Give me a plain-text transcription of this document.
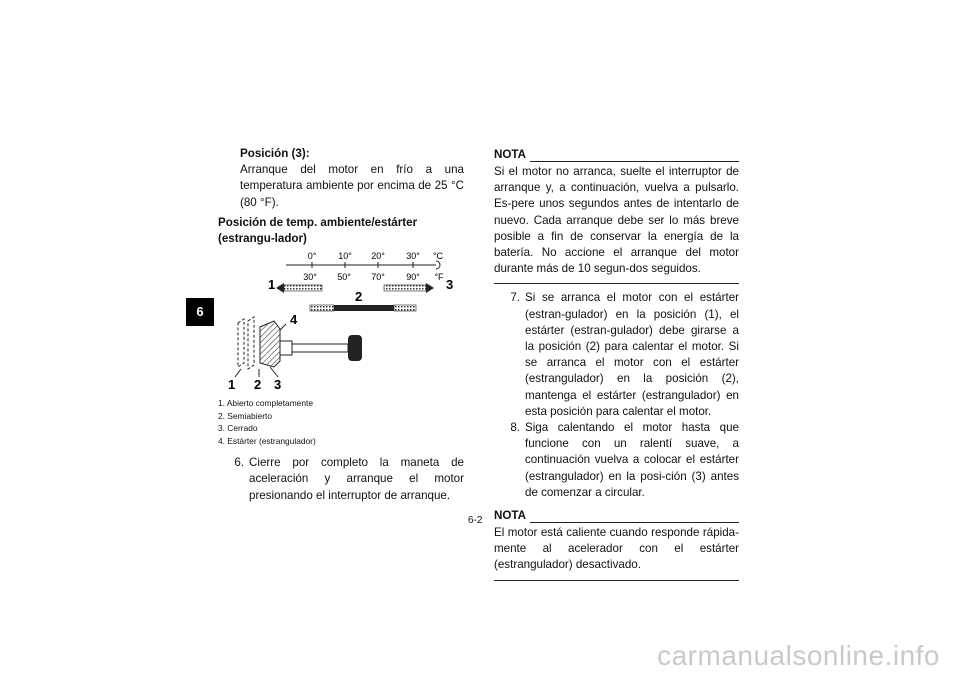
6

Posición (3):

Arranque del motor en frío a una temperatura ambiente por encima de 25 °C (80 °F).

Posición de temp. ambiente/estárter (estrangu-lador)

0° 10° 20° 30° °C
30° 50° 70° 90° °F
1	3
2
4
1 2 3
1. Abierto completamente
2. Semiabierto
3. Cerrado
4. Estárter (estrangulador)
6. Cierre por completo la maneta de aceleración y arranque el motor presionando el interruptor de arranque.

NOTA

Si el motor no arranca, suelte el interruptor de arranque y, a continuación, vuelva a pulsarlo. Es-pere unos segundos antes de intentarlo de nuevo. Cada arranque debe ser lo más breve posible a fin de conservar la energía de la batería. No accione el arranque del motor durante más de 10 segun-dos seguidos.

7. Si se arranca el motor con el estárter (estran-gulador) en la posición (1), el estárter (estran-gulador) debe girarse a la posición (2) para calentar el motor. Si se arranca el motor con el estárter (estrangulador) en la posición (2), mantenga el estárter (estrangulador) en esta posición para calentar el motor.

8. Siga calentando el motor hasta que funcione con un ralentí suave, a continuación vuelva a colocar el estárter (estrangulador) en la posi-ción (3) antes de comenzar a circular.

NOTA

El motor está caliente cuando responde rápida-mente al acelerador con el estárter (estrangulador) desactivado.

6-2
carmanualsonline.info
